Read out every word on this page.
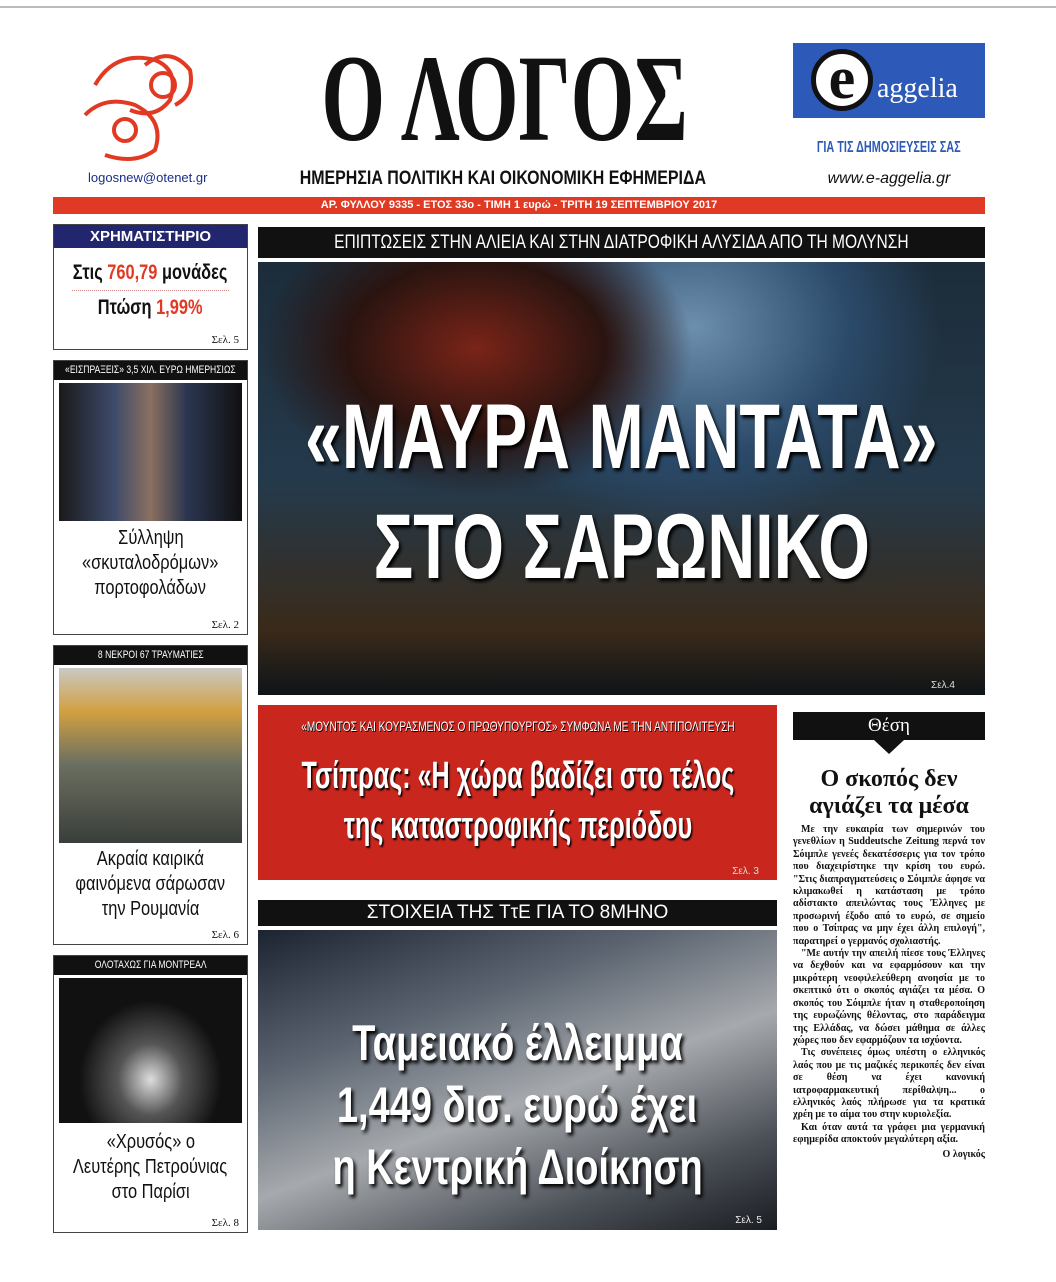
logosnew@otenet.gr
Ο ΛΟΓΟΣ
ΗΜΕΡΗΣΙΑ ΠΟΛΙΤΙΚΗ ΚΑΙ ΟΙΚΟΝΟΜΙΚΗ ΕΦΗΜΕΡΙΔΑ
e aggelia
ΓΙΑ ΤΙΣ ΔΗΜΟΣΙΕΥΣΕΙΣ ΣΑΣ
www.e-aggelia.gr
ΑΡ. ΦΥΛΛΟΥ 9335 - ΕΤΟΣ 33ο - ΤΙΜΗ 1 ευρώ - ΤΡΙΤΗ 19 ΣΕΠΤΕΜΒΡΙΟΥ 2017
ΧΡΗΜΑΤΙΣΤΗΡΙΟ
Στις 760,79 μονάδες
Πτώση 1,99%
Σελ. 5
«ΕΙΣΠΡΑΞΕΙΣ» 3,5 ΧΙΛ. ΕΥΡΩ ΗΜΕΡΗΣΙΩΣ
Σύλληψη
«σκυταλοδρόμων»
πορτοφολάδων
Σελ. 2
8 ΝΕΚΡΟΙ 67 ΤΡΑΥΜΑΤΙΕΣ
Ακραία καιρικά
φαινόμενα σάρωσαν
την Ρουμανία
Σελ. 6
ΟΛΟΤΑΧΩΣ ΓΙΑ ΜΟΝΤΡΕΑΛ
«Χρυσός» ο
Λευτέρης Πετρούνιας
στο Παρίσι
Σελ. 8
ΕΠΙΠΤΩΣΕΙΣ ΣΤΗΝ ΑΛΙΕΙΑ ΚΑΙ ΣΤΗΝ ΔΙΑΤΡΟΦΙΚΗ ΑΛΥΣΙΔΑ ΑΠΟ ΤΗ ΜΟΛΥΝΣΗ
«ΜΑΥΡΑ ΜΑΝΤΑΤΑ»
ΣΤΟ ΣΑΡΩΝΙΚΟ
Σελ.4
«ΜΟΥΝΤΟΣ ΚΑΙ ΚΟΥΡΑΣΜΕΝΟΣ Ο ΠΡΩΘΥΠΟΥΡΓΟΣ» ΣΥΜΦΩΝΑ ΜΕ ΤΗΝ ΑΝΤΙΠΟΛΙΤΕΥΣΗ
Τσίπρας: «Η χώρα βαδίζει στο τέλος
της καταστροφικής περιόδου
Σελ. 3
ΣΤΟΙΧΕΙΑ ΤΗΣ ΤτΕ ΓΙΑ ΤΟ 8ΜΗΝΟ
Ταμειακό έλλειμμα
1,449 δισ. ευρώ έχει
η Κεντρική Διοίκηση
Σελ. 5
Θέση
Ο σκοπός δεν αγιάζει τα μέσα

Με την ευκαιρία των σημερινών του γενεθλίων η Suddeutsche Zeitung περνά τον Σόιμπλε γενεές δεκατέσσερις για τον τρόπο που διαχειρίστηκε την κρίση του ευρώ. "Στις διαπραγματεύσεις ο Σόιμπλε άφησε να κλιμακωθεί η κατάσταση με τρόπο αδίστακτο απειλώντας τους Έλληνες με προσωρινή έξοδο από το ευρώ, σε σημείο που ο Τσίπρας να μην έχει άλλη επιλογή", παρατηρεί ο γερμανός σχολιαστής.

"Με αυτήν την απειλή πίεσε τους Έλληνες να δεχθούν και να εφαρμόσουν και την μικρότερη νεοφιλελεύθερη ανοησία με το σκεπτικό ότι ο σκοπός αγιάζει τα μέσα. Ο σκοπός του Σόιμπλε ήταν η σταθεροποίηση της ευρωζώνης θέλοντας, στο παράδειγμα της Ελλάδας, να δώσει μάθημα σε άλλες χώρες που δεν εφαρμόζουν τα ισχύοντα.

Τις συνέπειες όμως υπέστη ο ελληνικός λαός που με τις μαζικές περικοπές δεν είναι σε θέση να έχει κανονική ιατροφαρμακευτική περίθαλψη... ο ελληνικός λαός πλήρωσε για τα κρατικά χρέη με το αίμα του στην κυριολεξία.

Και όταν αυτά τα γράφει μια γερμανική εφημερίδα αποκτούν μεγαλύτερη αξία.

Ο λογικός
